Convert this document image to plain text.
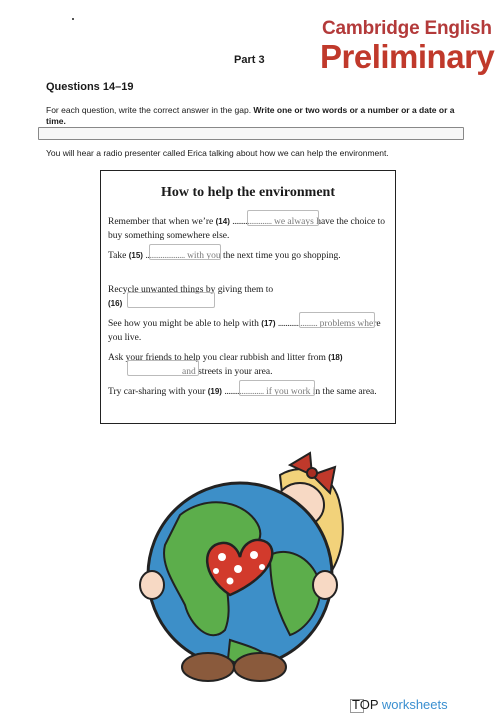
Cambridge English
Preliminary
Part 3
Questions 14–19
For each question, write the correct answer in the gap. Write one or two words or a number or a date or a time.
You will hear a radio presenter called Erica talking about how we can help the environment.
How to help the environment
Remember that when we’re (14) ..................... we always have the choice to buy something somewhere else.
Take (15) ..................... with you the next time you go shopping.
Recycle unwanted things by giving them to
(16)
See how you might be able to help with (17) ..................... problems where you live.
Ask your friends to help you clear rubbish and litter from (18) and streets in your area.
Try car-sharing with your (19) ..................... if you work in the same area.
TOP worksheets
